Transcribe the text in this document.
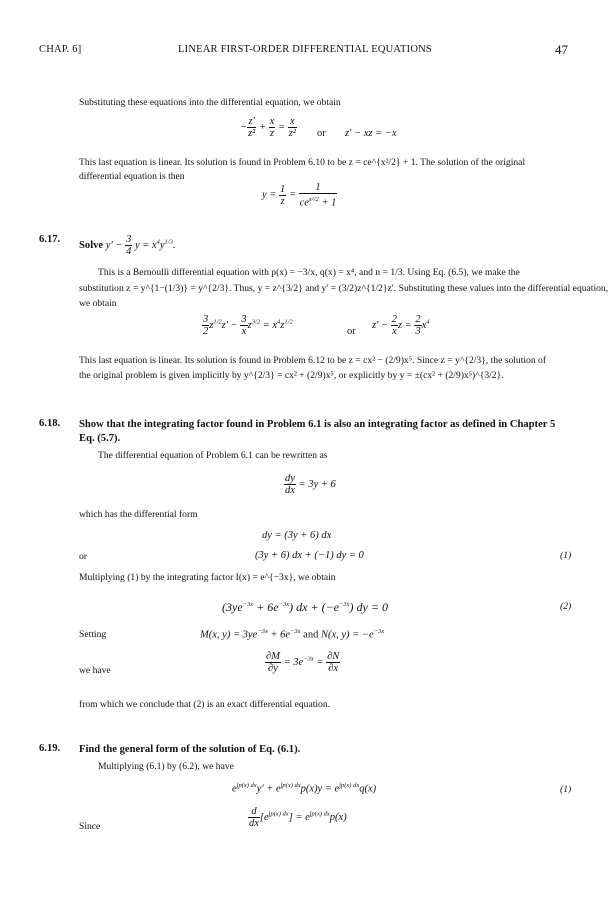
CHAP. 6]	LINEAR FIRST-ORDER DIFFERENTIAL EQUATIONS	47
Substituting these equations into the differential equation, we obtain
− $\frac{z'}{\text{z²}} + \frac{x}{z} = \frac{x}{\text{z²}}$ or z′ − xz = −x
This last equation is linear. Its solution is found in Problem 6.10 to be z = ce^{x²/2} + 1. The solution of the original
differential equation is then
$y = \frac{1}{z} = \frac{1}{ce^{x^2/2} + 1}$
6.17.
Solve $y' - \frac{3}{4}$ $y = x^4y^{1/3}$.
This is a Bernoulli differential equation with p(x) = −3/x, q(x) = x⁴, and n = 1/3. Using Eq. (6.5), we make the
substitution z = y^{1−(1/3)} = y^{2/3}. Thus, y = z^{3/2} and y′ = (3/2)z^{1/2}z′. Substituting these values into the differential equation,
we obtain
$\frac{3}{2} z^{1/2}z' - \frac{3}{x} z^{3/2} = x^4z^{1/2}$
or
$z' - \frac{2}{x}$ $z = \frac{2}{3} x^4$
This last equation is linear. Its solution is found in Problem 6.12 to be z = cx² − (2/9)x⁵. Since z = y^{2/3}, the solution of
the original problem is given implicitly by y^{2/3} = cx² + (2/9)x⁵, or explicitly by y = ±(cx² + (2/9)x⁵)^{3/2}.
6.18. Show that the integrating factor found in Problem 6.1 is also an integrating factor as defined in Chapter 5
Eq. (5.7).
The differential equation of Problem 6.1 can be rewritten as
$\frac{dy}{dx} = 3y + 6$
which has the differential form
dy = (3y + 6) dx
or	(3y + 6) dx + (−1) dy = 0	(1)
Multiplying (1) by the integrating factor I(x) = e^{−3x}, we obtain
$(3ye^{-3x} + 6e^{-3x})$ dx + $(-e^{-3x})$ dy = 0	(2)
Setting	M(x, $y) = 3ye^{-3x} + 6e^{-3x}$ and N(x, $y) = -e^{-3x}$
we have	$\frac{\partial M}{\partial y} = 3e^{-3x} = \frac{\partial N}{\partial x}$
from which we conclude that (2) is an exact differential equation.
6.19. Find the general form of the solution of Eq. (6.1).
Multiplying (6.1) by (6.2), we have
$e^{\int p(x) dx}y' + e^{\int p(x) dx}p(x)y = e^{\int p(x) dx}q(x)$	(1)
Since	$\frac{d}{dx} [e^{\int p(x) dx}] = e^{\int p(x) dx}p(x)$
